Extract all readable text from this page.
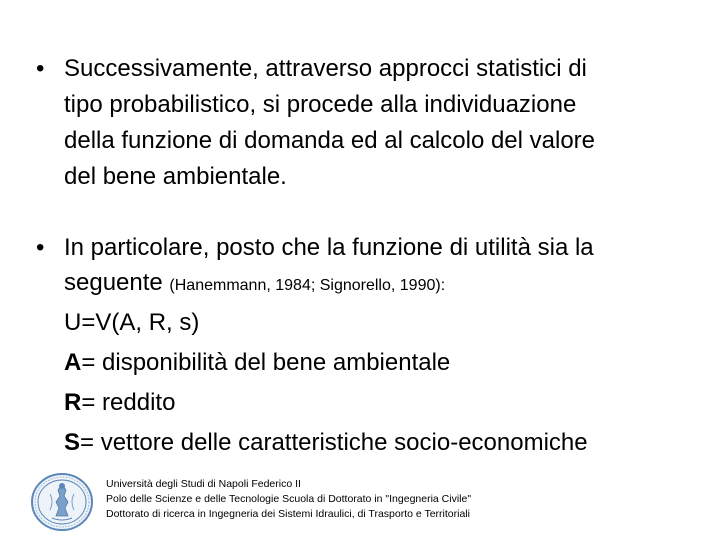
• Successivamente, attraverso approcci statistici di
tipo probabilistico, si procede alla individuazione
della funzione di domanda ed al calcolo del valore
del bene ambientale.
• In particolare, posto che la funzione di utilità sia la
seguente (Hanemmann, 1984; Signorello, 1990):
U=V(A, R, s)
A= disponibilità del bene ambientale
R= reddito
S= vettore delle caratteristiche socio-economiche
Università degli Studi di Napoli Federico II
Polo delle Scienze e delle Tecnologie Scuola di Dottorato in "Ingegneria Civile"
Dottorato di ricerca in Ingegneria dei Sistemi Idraulici, di Trasporto e Territoriali
